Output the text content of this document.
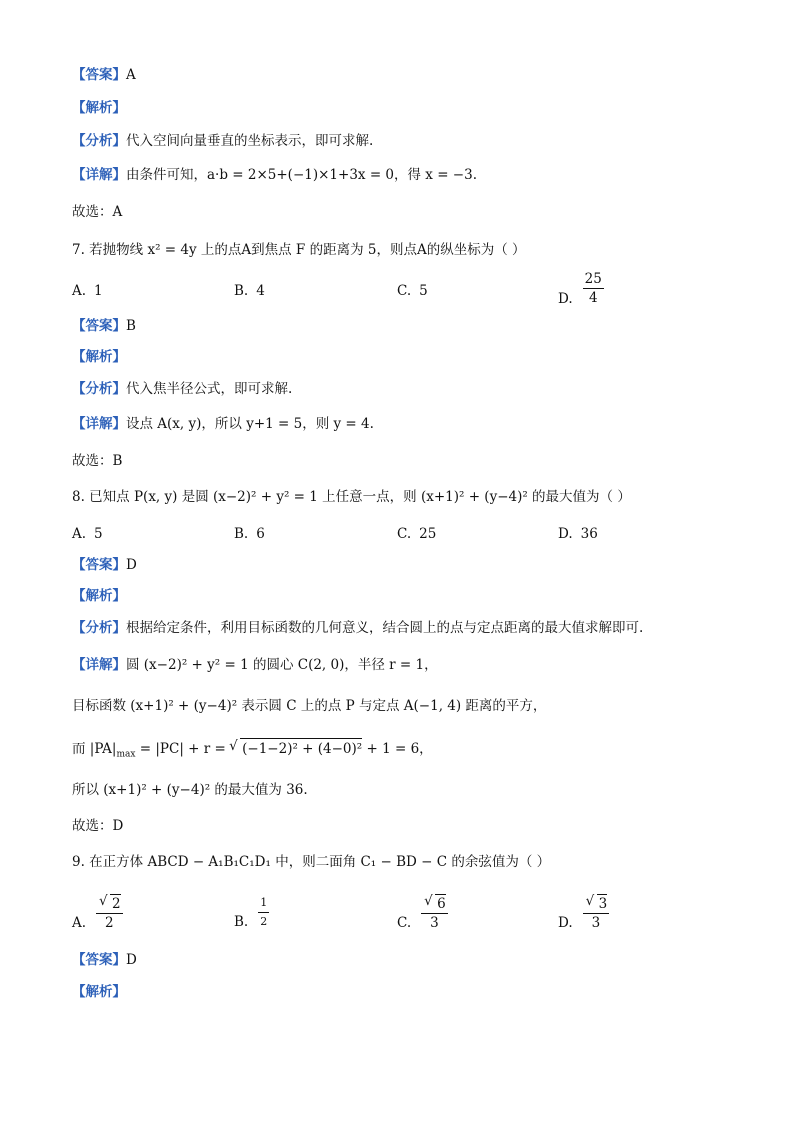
【答案】A
【解析】
【分析】代入空间向量垂直的坐标表示，即可求解.
【详解】由条件可知，a·b = 2×5+(−1)×1+3x = 0，得 x = −3.
故选：A
7. 若抛物线 x² = 4y 上的点A到焦点 F 的距离为 5，则点A的纵坐标为（ ）
A. 1	B. 4	C. 5	D. $\frac{25}{4}$
【答案】B
【解析】
【分析】代入焦半径公式，即可求解.
【详解】设点 A(x, y)，所以 y+1 = 5，则 y = 4.
故选：B
8. 已知点 P(x, y) 是圆 (x−2)² + y² = 1 上任意一点，则 (x+1)² + (y−4)² 的最大值为（ ）
A. 5	B. 6	C. 25	D. 36
【答案】D
【解析】
【分析】根据给定条件，利用目标函数的几何意义，结合圆上的点与定点距离的最大值求解即可.
【详解】圆 (x−2)² + y² = 1 的圆心 C(2, 0)，半径 r = 1，
目标函数 (x+1)² + (y−4)² 表示圆 C 上的点 P 与定点 A(−1, 4) 距离的平方，
而 $|PA|_{max} = |PC| + r$ = √ (−1−2)² + (4−0)² + 1 = 6，
所以 (x+1)² + (y−4)² 的最大值为 36.
故选：D
9. 在正方体 ABCD − A₁B₁C₁D₁ 中，则二面角 C₁ − BD − C 的余弦值为（ ）
A. √ $\frac{2}{2}$	B. $\frac{1}{2}$	C. √ $\frac{6}{3}$	D. √ $\frac{3}{3}$
【答案】D
【解析】
